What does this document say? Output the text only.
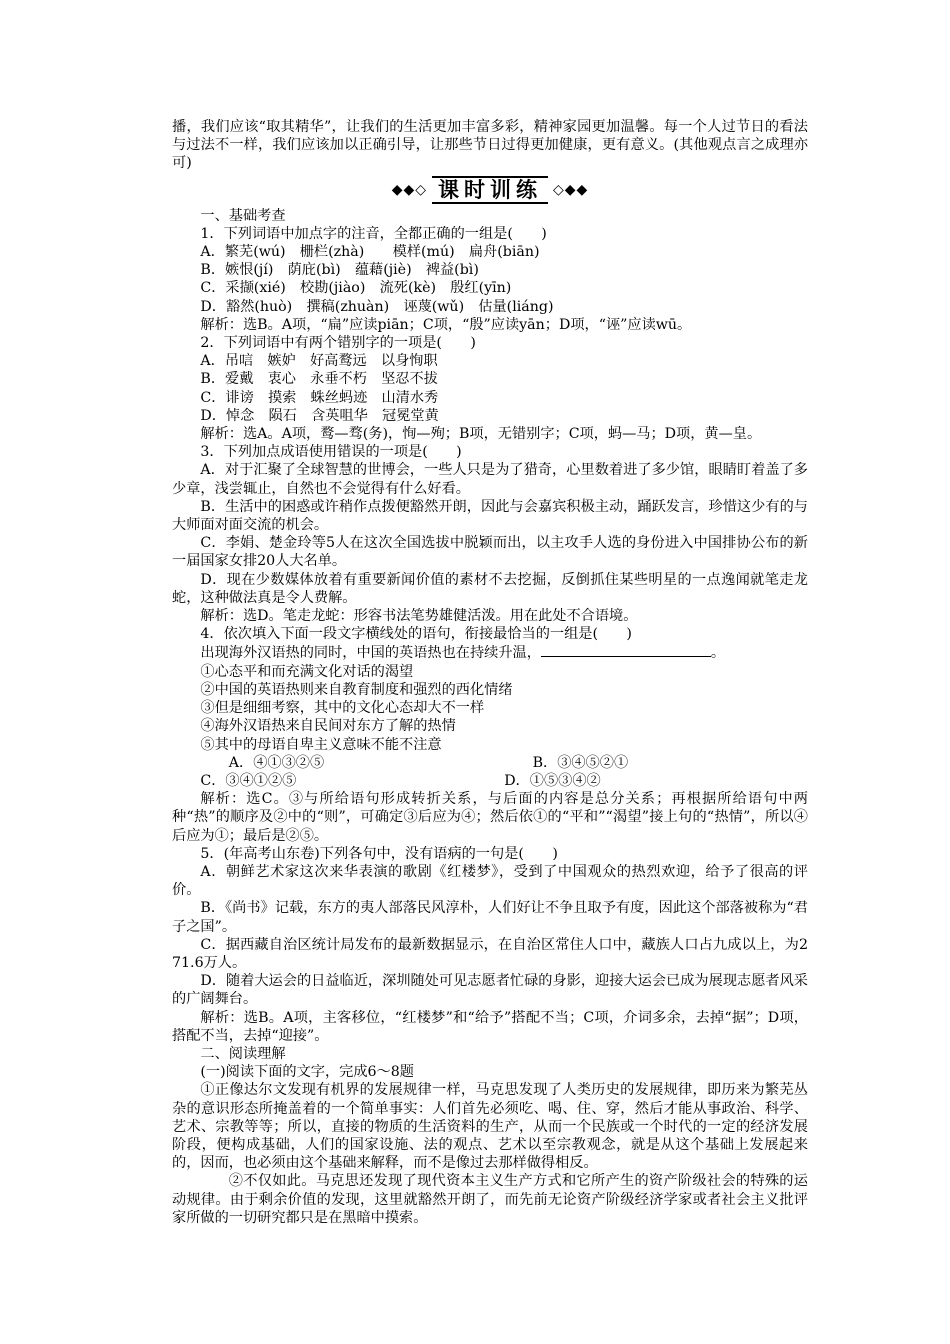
播，我们应该“取其精华”，让我们的生活更加丰富多彩，精神家园更加温馨。每一个人过节日的看法与过法不一样，我们应该加以正确引导，让那些节日过得更加健康，更有意义。(其他观点言之成理亦可)

◆◆◇ 课时训练 ◇◆◆

一、基础考查

1．下列词语中加点字的注音，全都正确的一组是(　　)

A．繁芜(wú)　栅栏(zhà)　　模样(mú)　扁舟(biān)

B．嫉恨(jí)　荫庇(bì)　蕴藉(jiè)　裨益(bì)

C．采撷(xié)　校勘(jiào)　流死(kè)　殷红(yīn)

D．豁然(huò)　撰稿(zhuàn)　诬蔑(wǔ)　估量(liáng)

解析：选B。A项，“扁”应读piān；C项，“殷”应读yān；D项，“诬”应读wū。

2．下列词语中有两个错别字的一项是(　　)

A．吊唁　嫉妒　好高鹜远　以身恂职

B．爱戴　衷心　永垂不朽　坚忍不拔

C．诽谤　摸索　蛛丝蚂迹　山清水秀

D．悼念　陨石　含英咀华　冠冕堂黄

解析：选A。A项，鹜—骛(务)，恂—殉；B项，无错别字；C项，蚂—马；D项，黄—皇。

3．下列加点成语使用错误的一项是(　　)

A．对于汇聚了全球智慧的世博会，一些人只是为了猎奇，心里数着进了多少馆，眼睛盯着盖了多少章，浅尝辄止，自然也不会觉得有什么好看。

B．生活中的困惑或许稍作点拨便豁然开朗，因此与会嘉宾积极主动，踊跃发言，珍惜这少有的与大师面对面交流的机会。

C．李娟、楚金玲等5人在这次全国选拔中脱颖而出，以主攻手人选的身份进入中国排协公布的新一届国家女排20人大名单。

D．现在少数媒体放着有重要新闻价值的素材不去挖掘，反倒抓住某些明星的一点逸闻就笔走龙蛇，这种做法真是令人费解。

解析：选D。笔走龙蛇：形容书法笔势雄健活泼。用在此处不合语境。

4．依次填入下面一段文字横线处的语句，衔接最恰当的一组是(　　)

出现海外汉语热的同时，中国的英语热也在持续升温，	。

①心态平和而充满文化对话的渴望

②中国的英语热则来自教育制度和强烈的西化情绪

③但是细细考察，其中的文化心态却大不一样

④海外汉语热来自民间对东方了解的热情

⑤其中的母语自卑主义意味不能不注意

A．④①③②⑤	B．③④⑤②①
C．③④①②⑤	D．①⑤③④②

解析：选C。③与所给语句形成转折关系，与后面的内容是总分关系；再根据所给语句中两种“热”的顺序及②中的“则”，可确定③后应为④；然后依①的“平和”“渴望”接上句的“热情”，所以④后应为①；最后是②⑤。

5．(年高考山东卷)下列各句中，没有语病的一句是(　　)

A．朝鲜艺术家这次来华表演的歌剧《红楼梦》，受到了中国观众的热烈欢迎，给予了很高的评价。

B．《尚书》记载，东方的夷人部落民风淳朴，人们好让不争且取予有度，因此这个部落被称为“君子之国”。

C．据西藏自治区统计局发布的最新数据显示，在自治区常住人口中，藏族人口占九成以上，为271.6万人。

D．随着大运会的日益临近，深圳随处可见志愿者忙碌的身影，迎接大运会已成为展现志愿者风采的广阔舞台。

解析：选B。A项，主客移位，“红楼梦”和“给予”搭配不当；C项，介词多余，去掉“据”；D项，搭配不当，去掉“迎接”。

二、阅读理解

(一)阅读下面的文字，完成6～8题

①正像达尔文发现有机界的发展规律一样，马克思发现了人类历史的发展规律，即历来为繁芜丛杂的意识形态所掩盖着的一个简单事实：人们首先必须吃、喝、住、穿，然后才能从事政治、科学、艺术、宗教等等；所以，直接的物质的生活资料的生产，从而一个民族或一个时代的一定的经济发展阶段，便构成基础，人们的国家设施、法的观点、艺术以至宗教观念，就是从这个基础上发展起来的，因而，也必须由这个基础来解释，而不是像过去那样做得相反。

②不仅如此。马克思还发现了现代资本主义生产方式和它所产生的资产阶级社会的特殊的运动规律。由于剩余价值的发现，这里就豁然开朗了，而先前无论资产阶级经济学家或者社会主义批评家所做的一切研究都只是在黑暗中摸索。
